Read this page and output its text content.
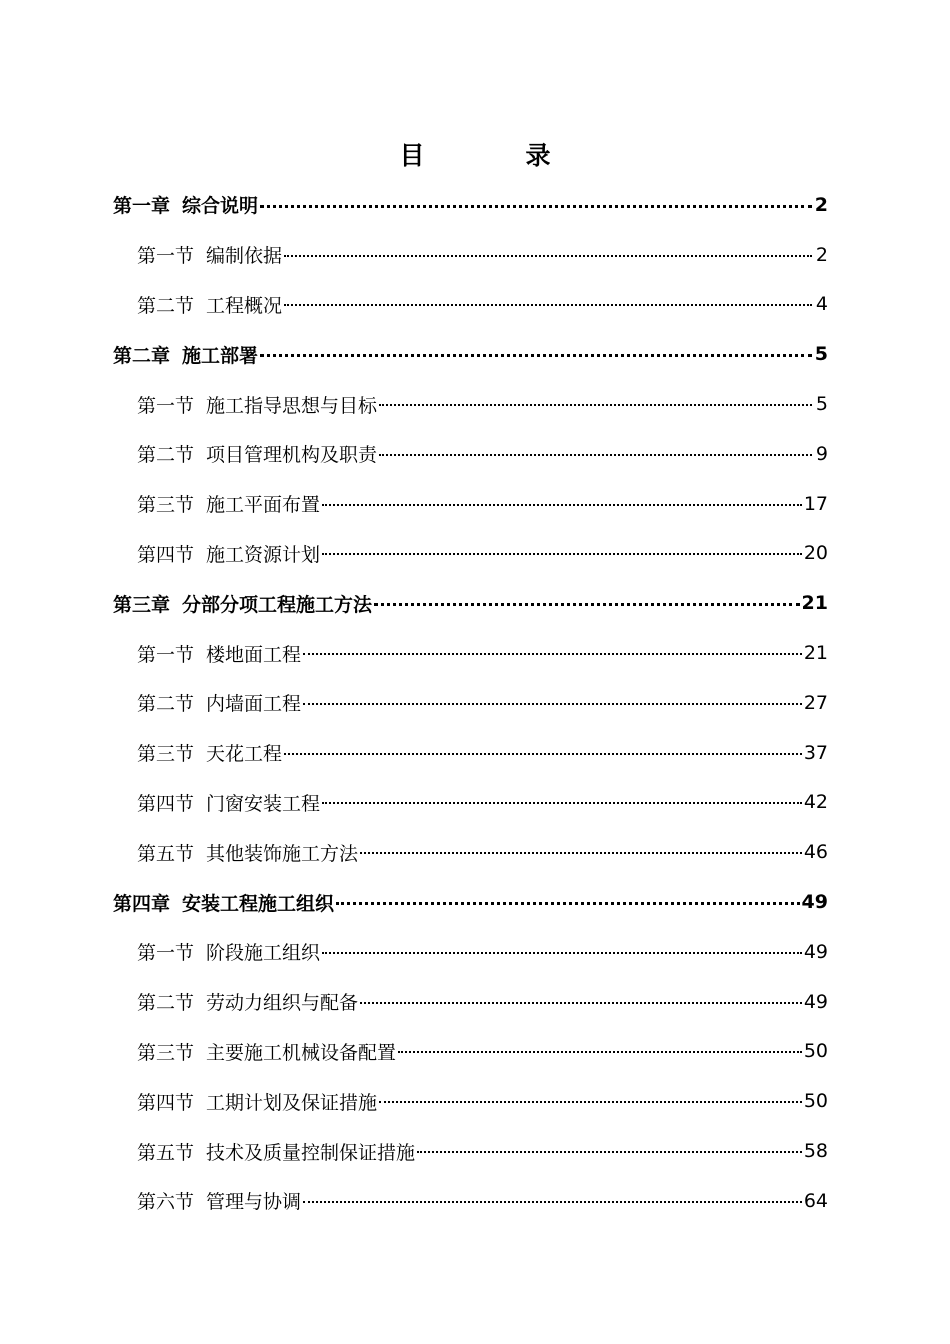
目　录
第一章 综合说明	2
第一节 编制依据	2
第二节 工程概况	4
第二章 施工部署	5
第一节 施工指导思想与目标	5
第二节 项目管理机构及职责	9
第三节 施工平面布置	17
第四节 施工资源计划	20
第三章 分部分项工程施工方法	21
第一节 楼地面工程	21
第二节 内墙面工程	27
第三节 天花工程	37
第四节 门窗安装工程	42
第五节 其他装饰施工方法	46
第四章 安装工程施工组织	49
第一节 阶段施工组织	49
第二节 劳动力组织与配备	49
第三节 主要施工机械设备配置	50
第四节 工期计划及保证措施	50
第五节 技术及质量控制保证措施	58
第六节 管理与协调	64
